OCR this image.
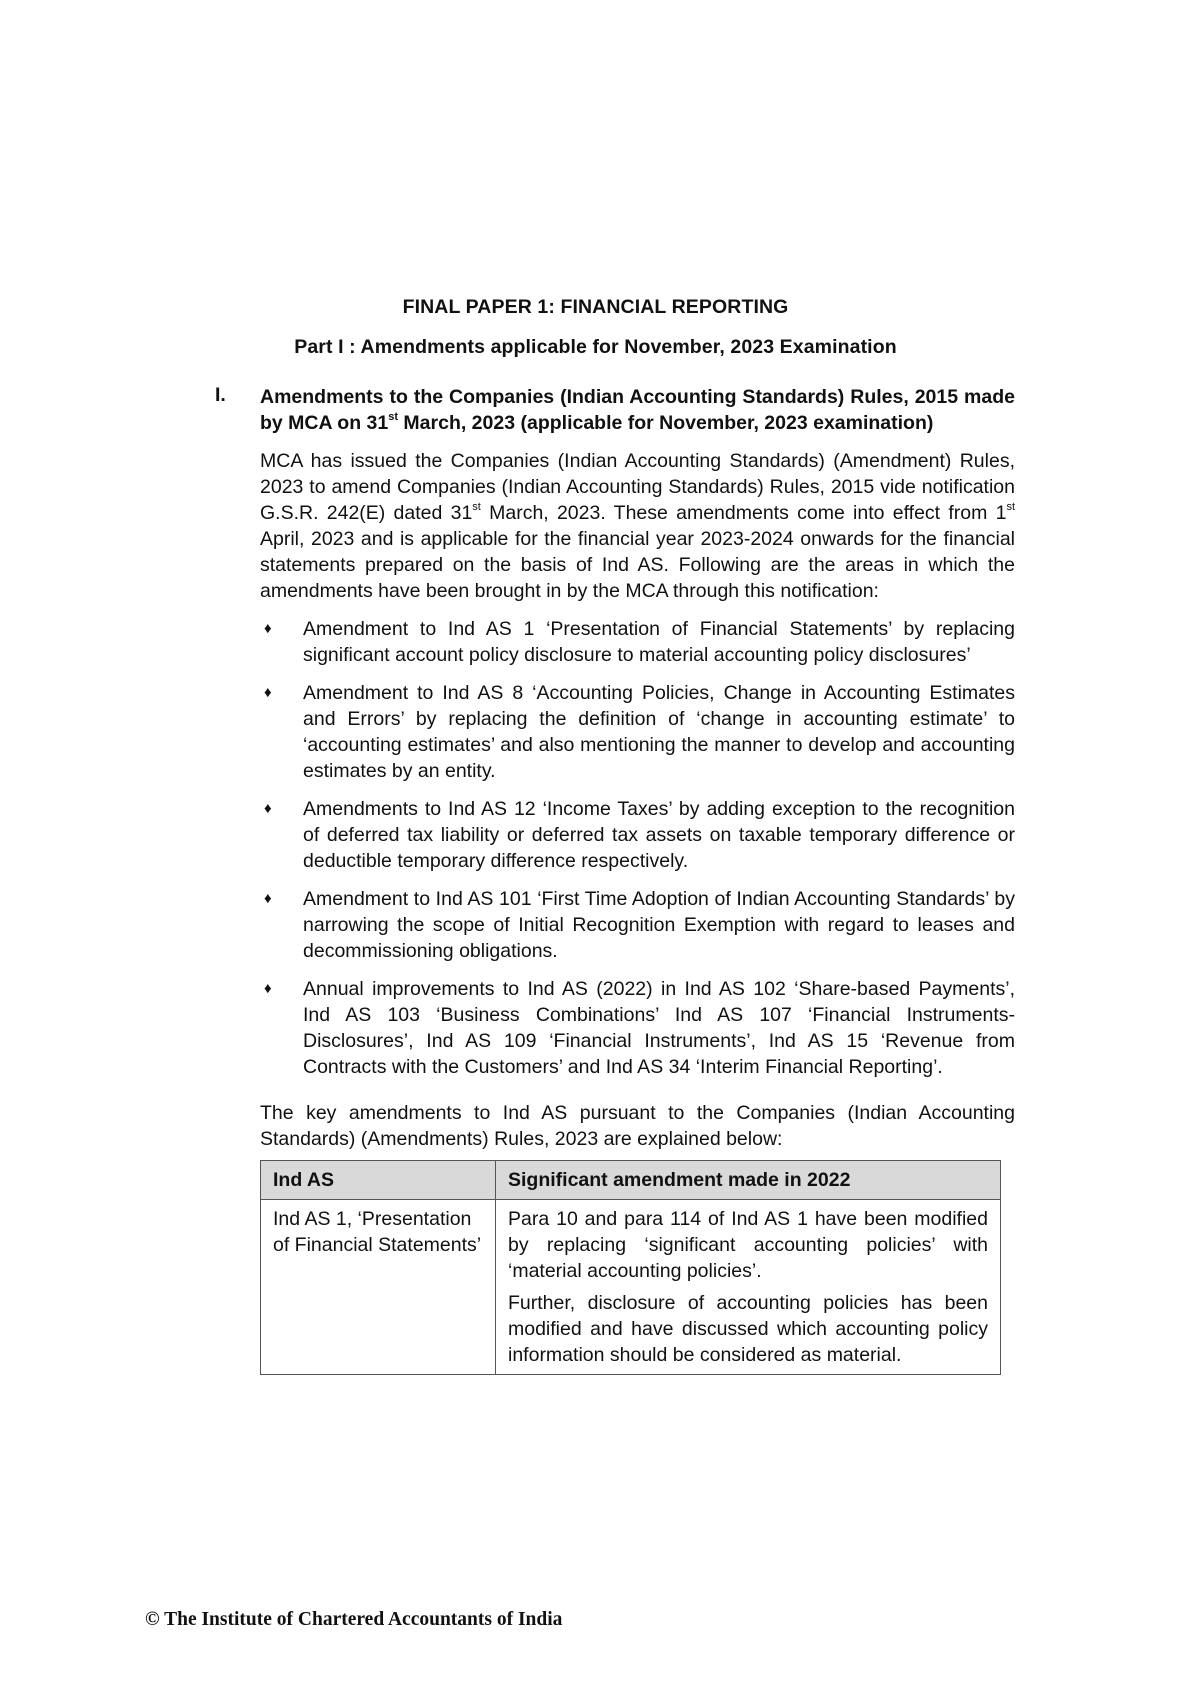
FINAL PAPER 1: FINANCIAL REPORTING
Part I : Amendments applicable for November, 2023 Examination
I. Amendments to the Companies (Indian Accounting Standards) Rules, 2015 made by MCA on 31st March, 2023 (applicable for November, 2023 examination)
MCA has issued the Companies (Indian Accounting Standards) (Amendment) Rules, 2023 to amend Companies (Indian Accounting Standards) Rules, 2015 vide notification G.S.R. 242(E) dated 31st March, 2023. These amendments come into effect from 1st April, 2023 and is applicable for the financial year 2023-2024 onwards for the financial statements prepared on the basis of Ind AS. Following are the areas in which the amendments have been brought in by the MCA through this notification:
♦ Amendment to Ind AS 1 ‘Presentation of Financial Statements’ by replacing significant account policy disclosure to material accounting policy disclosures’
♦ Amendment to Ind AS 8 ‘Accounting Policies, Change in Accounting Estimates and Errors’ by replacing the definition of ‘change in accounting estimate’ to ‘accounting estimates’ and also mentioning the manner to develop and accounting estimates by an entity.
♦ Amendments to Ind AS 12 ‘Income Taxes’ by adding exception to the recognition of deferred tax liability or deferred tax assets on taxable temporary difference or deductible temporary difference respectively.
♦ Amendment to Ind AS 101 ‘First Time Adoption of Indian Accounting Standards’ by narrowing the scope of Initial Recognition Exemption with regard to leases and decommissioning obligations.
♦ Annual improvements to Ind AS (2022) in Ind AS 102 ‘Share-based Payments’, Ind AS 103 ‘Business Combinations’ Ind AS 107 ‘Financial Instruments-Disclosures’, Ind AS 109 ‘Financial Instruments’, Ind AS 15 ‘Revenue from Contracts with the Customers’ and Ind AS 34 ‘Interim Financial Reporting’.
The key amendments to Ind AS pursuant to the Companies (Indian Accounting Standards) (Amendments) Rules, 2023 are explained below:
Ind AS	Significant amendment made in 2022
Ind AS 1, ‘Presentation of Financial Statements’	Para 10 and para 114 of Ind AS 1 have been modified by replacing ‘significant accounting policies’ with ‘material accounting policies’.

Further, disclosure of accounting policies has been modified and have discussed which accounting policy information should be considered as material.

© The Institute of Chartered Accountants of India
